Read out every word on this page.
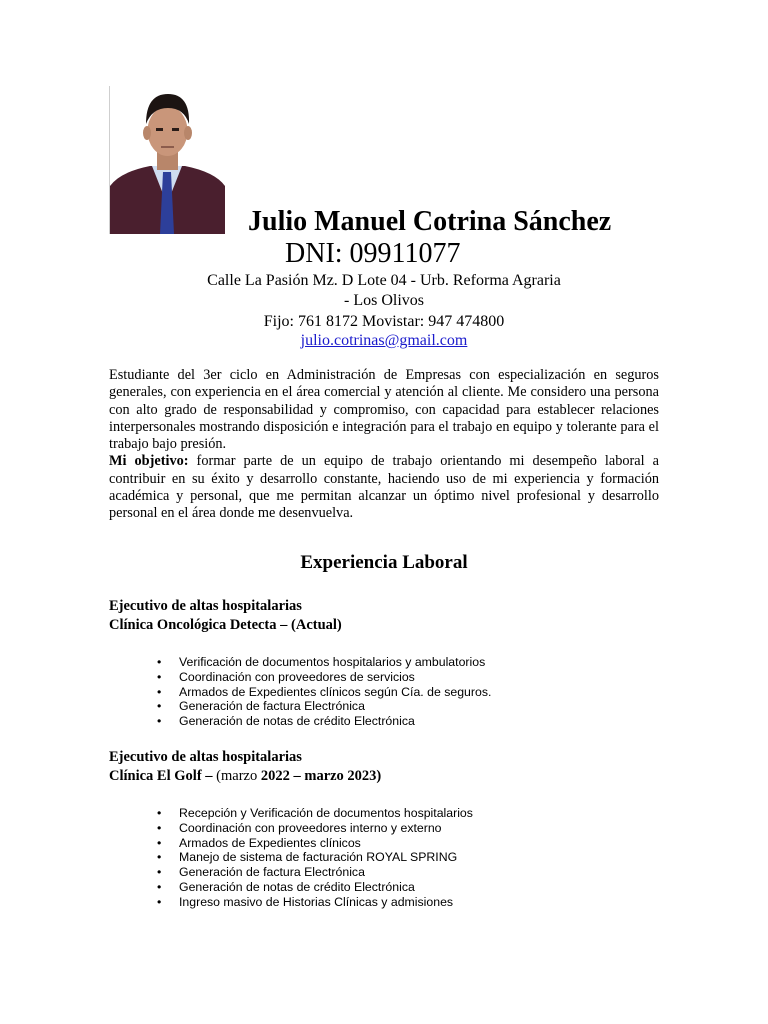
Julio Manuel Cotrina Sánchez
DNI: 09911077
Calle La Pasión Mz. D Lote 04 - Urb. Reforma Agraria
- Los Olivos
Fijo: 761 8172 Movistar: 947 474800
julio.cotrinas@gmail.com

Estudiante del 3er ciclo en Administración de Empresas con especialización en seguros generales, con experiencia en el área comercial y atención al cliente. Me considero una persona con alto grado de responsabilidad y compromiso, con capacidad para establecer relaciones interpersonales mostrando disposición e integración para el trabajo en equipo y tolerante para el trabajo bajo presión.

Mi objetivo: formar parte de un equipo de trabajo orientando mi desempeño laboral a contribuir en su éxito y desarrollo constante, haciendo uso de mi experiencia y formación académica y personal, que me permitan alcanzar un óptimo nivel profesional y desarrollo personal en el área donde me desenvuelva.

Experiencia Laboral
Ejecutivo de altas hospitalarias
Clínica Oncológica Detecta – (Actual)
• Verificación de documentos hospitalarios y ambulatorios
• Coordinación con proveedores de servicios
• Armados de Expedientes clínicos según Cía. de seguros.
• Generación de factura Electrónica
• Generación de notas de crédito Electrónica
Ejecutivo de altas hospitalarias
Clínica El Golf – (marzo 2022 – marzo 2023)
• Recepción y Verificación de documentos hospitalarios
• Coordinación con proveedores interno y externo
• Armados de Expedientes clínicos
• Manejo de sistema de facturación ROYAL SPRING
• Generación de factura Electrónica
• Generación de notas de crédito Electrónica
• Ingreso masivo de Historias Clínicas y admisiones
